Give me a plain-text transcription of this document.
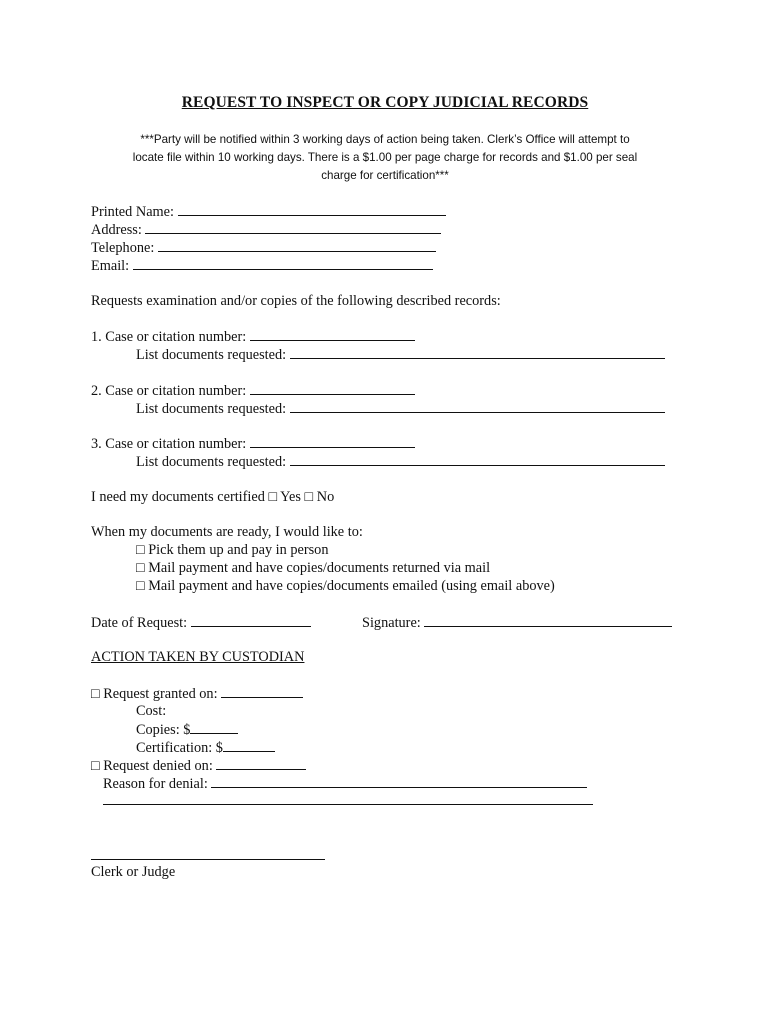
REQUEST TO INSPECT OR COPY JUDICIAL RECORDS
***Party will be notified within 3 working days of action being taken. Clerk’s Office will attempt to
locate file within 10 working days. There is a $1.00 per page charge for records and $1.00 per seal
charge for certification***
Printed Name:
Address:
Telephone:
Email:
Requests examination and/or copies of the following described records:
1. Case or citation number:
List documents requested:
2. Case or citation number:
List documents requested:
3. Case or citation number:
List documents requested:
I need my documents certified □ Yes □ No
When my documents are ready, I would like to:
□ Pick them up and pay in person
□ Mail payment and have copies/documents returned via mail
□ Mail payment and have copies/documents emailed (using email above)
Date of Request:	Signature:
ACTION TAKEN BY CUSTODIAN
□ Request granted on:
Cost:
Copies: $
Certification: $
□ Request denied on:
Reason for denial:
Clerk or Judge
